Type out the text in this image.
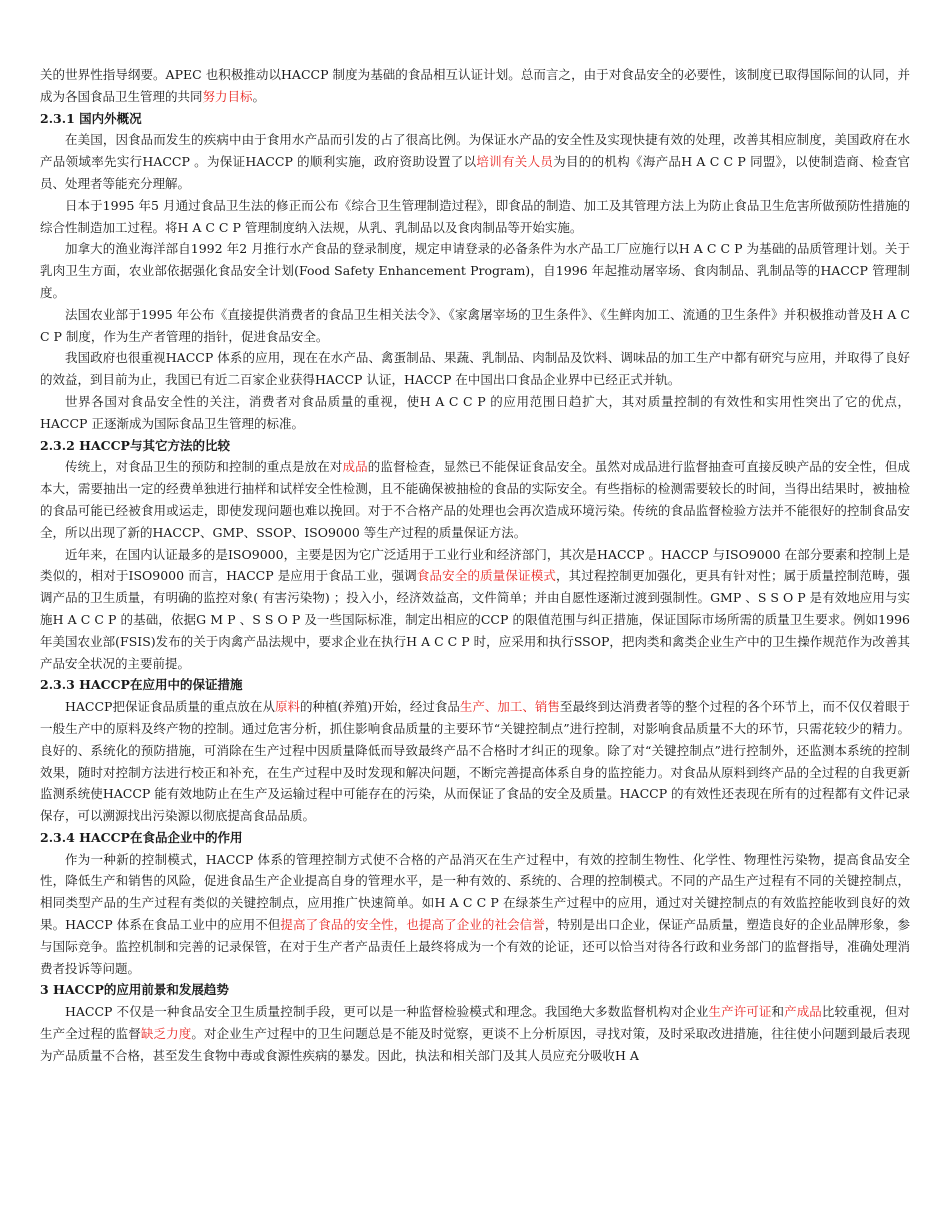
关的世界性指导纲要。APEC 也积极推动以HACCP 制度为基础的食品相互认证计划。总而言之，由于对食品安全的必要性，该制度已取得国际间的认同，并成为各国食品卫生管理的共同努力目标。

2.3.1 国内外概况

在美国，因食品而发生的疾病中由于食用水产品而引发的占了很高比例。为保证水产品的安全性及实现快捷有效的处理，改善其相应制度，美国政府在水产品领域率先实行HACCP 。为保证HACCP 的顺利实施，政府资助设置了以培训有关人员为目的的机构《海产品H A C C P 同盟》，以使制造商、检查官员、处理者等能充分理解。

日本于1995 年5 月通过食品卫生法的修正而公布《综合卫生管理制造过程》，即食品的制造、加工及其管理方法上为防止食品卫生危害所做预防性措施的综合性制造加工过程。将H A C C P 管理制度纳入法规，从乳、乳制品以及食肉制品等开始实施。

加拿大的渔业海洋部自1992 年2 月推行水产食品的登录制度，规定申请登录的必备条件为水产品工厂应施行以H A C C P 为基础的品质管理计划。关于乳肉卫生方面，农业部依据强化食品安全计划(Food Safety Enhancement Program)，自1996 年起推动屠宰场、食肉制品、乳制品等的HACCP 管理制度。

法国农业部于1995 年公布《直接提供消费者的食品卫生相关法令》、《家禽屠宰场的卫生条件》、《生鲜肉加工、流通的卫生条件》并积极推动普及H A C C P 制度，作为生产者管理的指针，促进食品安全。

我国政府也很重视HACCP 体系的应用，现在在水产品、禽蛋制品、果蔬、乳制品、肉制品及饮料、调味品的加工生产中都有研究与应用，并取得了良好的效益，到目前为止，我国已有近二百家企业获得HACCP 认证，HACCP 在中国出口食品企业界中已经正式并轨。

世界各国对食品安全性的关注，消费者对食品质量的重视，使H A C C P 的应用范围日趋扩大，其对质量控制的有效性和实用性突出了它的优点，HACCP 正逐渐成为国际食品卫生管理的标准。

2.3.2 HACCP与其它方法的比较

传统上，对食品卫生的预防和控制的重点是放在对成品的监督检查，显然已不能保证食品安全。虽然对成品进行监督抽查可直接反映产品的安全性，但成本大，需要抽出一定的经费单独进行抽样和试样安全性检测，且不能确保被抽检的食品的实际安全。有些指标的检测需要较长的时间，当得出结果时，被抽检的食品可能已经被食用或运走，即使发现问题也难以挽回。对于不合格产品的处理也会再次造成环境污染。传统的食品监督检验方法并不能很好的控制食品安全，所以出现了新的HACCP、GMP、SSOP、ISO9000 等生产过程的质量保证方法。

近年来，在国内认证最多的是ISO9000，主要是因为它广泛适用于工业行业和经济部门，其次是HACCP 。HACCP 与ISO9000 在部分要素和控制上是类似的，相对于ISO9000 而言，HACCP 是应用于食品工业，强调食品安全的质量保证模式，其过程控制更加强化，更具有针对性；属于质量控制范畴，强调产品的卫生质量，有明确的监控对象( 有害污染物) ；投入小，经济效益高，文件简单；并由自愿性逐渐过渡到强制性。GMP 、S S O P 是有效地应用与实施H A C C P 的基础，依据G M P 、S S O P 及一些国际标准，制定出相应的CCP 的限值范围与纠正措施，保证国际市场所需的质量卫生要求。例如1996年美国农业部(FSIS)发布的关于肉禽产品法规中，要求企业在执行H A C C P 时，应采用和执行SSOP，把肉类和禽类企业生产中的卫生操作规范作为改善其产品安全状况的主要前提。

2.3.3 HACCP在应用中的保证措施

HACCP把保证食品质量的重点放在从原料的种植(养殖)开始，经过食品生产、加工、销售至最终到达消费者等的整个过程的各个环节上，而不仅仅着眼于一般生产中的原料及终产物的控制。通过危害分析，抓住影响食品质量的主要环节“关键控制点”进行控制，对影响食品质量不大的环节，只需花较少的精力。良好的、系统化的预防措施，可消除在生产过程中因质量降低而导致最终产品不合格时才纠正的现象。除了对“关键控制点”进行控制外，还监测本系统的控制效果，随时对控制方法进行校正和补充，在生产过程中及时发现和解决问题，不断完善提高体系自身的监控能力。对食品从原料到终产品的全过程的自我更新监测系统使HACCP 能有效地防止在生产及运输过程中可能存在的污染，从而保证了食品的安全及质量。HACCP 的有效性还表现在所有的过程都有文件记录保存，可以溯源找出污染源以彻底提高食品品质。

2.3.4 HACCP在食品企业中的作用

作为一种新的控制模式，HACCP 体系的管理控制方式使不合格的产品消灭在生产过程中，有效的控制生物性、化学性、物理性污染物，提高食品安全性，降低生产和销售的风险，促进食品生产企业提高自身的管理水平，是一种有效的、系统的、合理的控制模式。不同的产品生产过程有不同的关键控制点，相同类型产品的生产过程有类似的关键控制点，应用推广快速简单。如H A C C P 在绿茶生产过程中的应用，通过对关键控制点的有效监控能收到良好的效果。HACCP 体系在食品工业中的应用不但提高了食品的安全性，也提高了企业的社会信誉，特别是出口企业，保证产品质量，塑造良好的企业品牌形象，参与国际竞争。监控机制和完善的记录保管，在对于生产者产品责任上最终将成为一个有效的论证，还可以恰当对待各行政和业务部门的监督指导，准确处理消费者投诉等问题。

3 HACCP的应用前景和发展趋势

HACCP 不仅是一种食品安全卫生质量控制手段，更可以是一种监督检验模式和理念。我国绝大多数监督机构对企业生产许可证和产成品比较重视，但对生产全过程的监督缺乏力度。对企业生产过程中的卫生问题总是不能及时觉察，更谈不上分析原因，寻找对策，及时采取改进措施，往往使小问题到最后表现为产品质量不合格，甚至发生食物中毒或食源性疾病的暴发。因此，执法和相关部门及其人员应充分吸收H A
